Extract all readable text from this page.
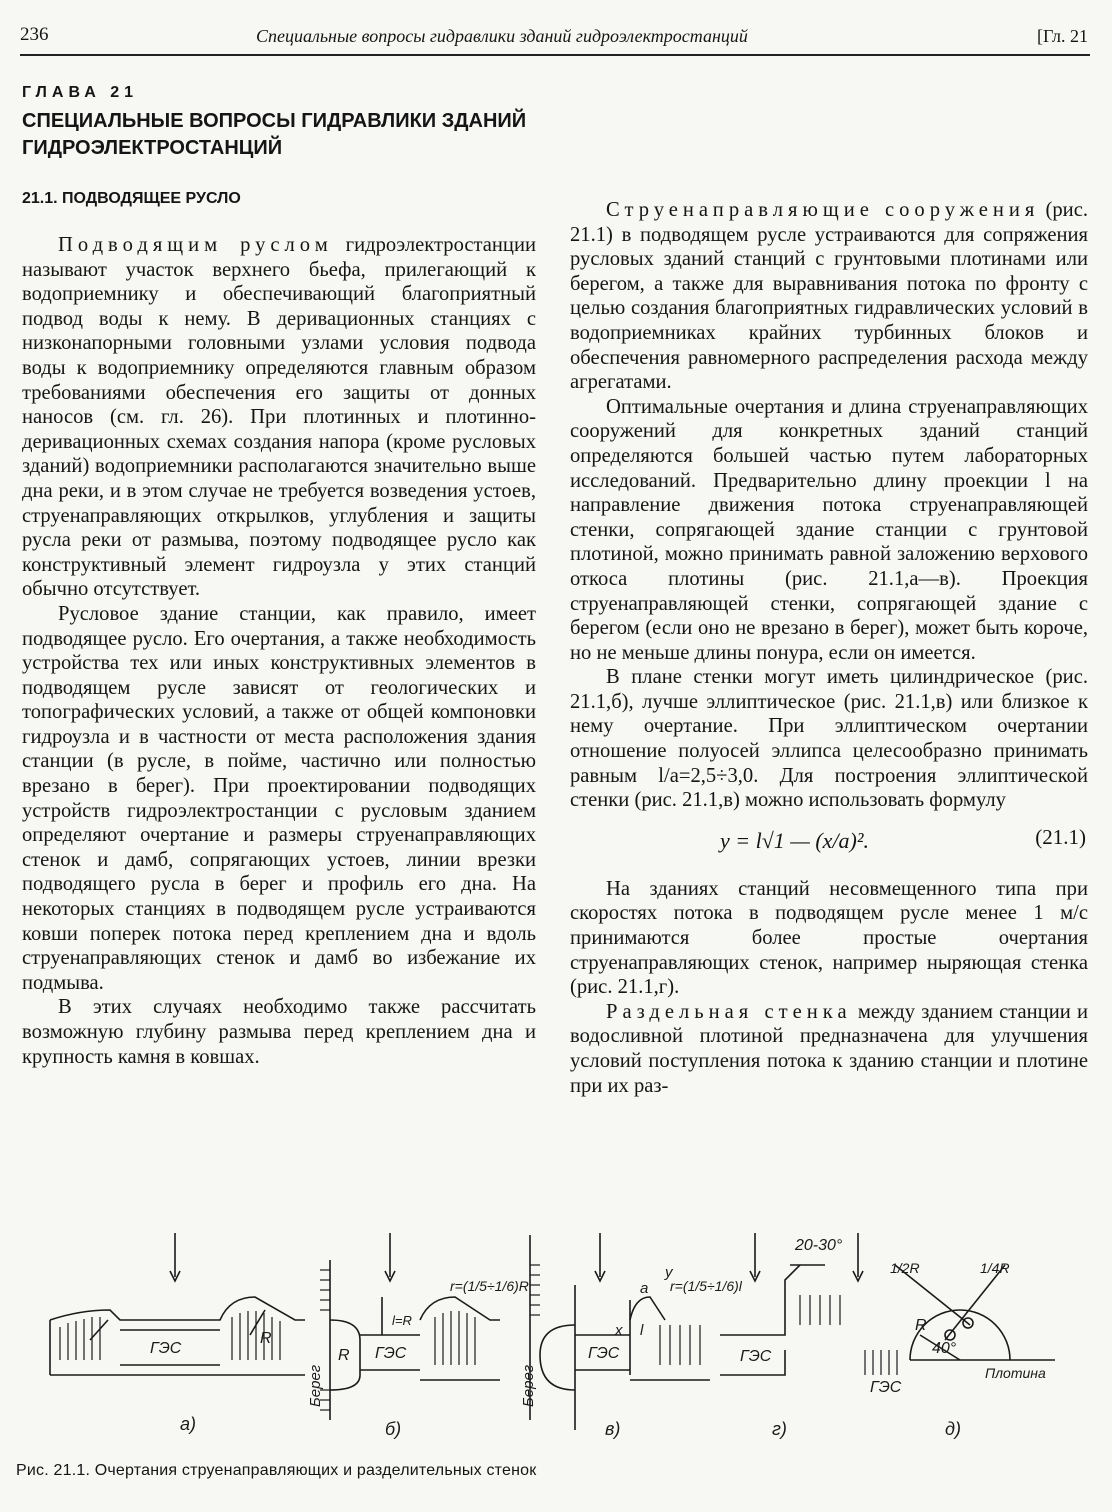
236	Специальные вопросы гидравлики зданий гидроэлектростанций	[Гл. 21
ГЛАВА 21
СПЕЦИАЛЬНЫЕ ВОПРОСЫ ГИДРАВЛИКИ ЗДАНИЙ ГИДРОЭЛЕКТРОСТАНЦИЙ
21.1. ПОДВОДЯЩЕЕ РУСЛО

Подводящим руслом гидроэлектростанции называют участок верхнего бьефа, прилегающий к водоприемнику и обеспечивающий благоприятный подвод воды к нему. В деривационных станциях с низконапорными головными узлами условия подвода воды к водоприемнику определяются главным образом требованиями обеспечения его защиты от донных наносов (см. гл. 26). При плотинных и плотинно-деривационных схемах создания напора (кроме русловых зданий) водоприемники располагаются значительно выше дна реки, и в этом случае не требуется возведения устоев, струенаправляющих открылков, углубления и защиты русла реки от размыва, поэтому подводящее русло как конструктивный элемент гидроузла у этих станций обычно отсутствует.

Русловое здание станции, как правило, имеет подводящее русло. Его очертания, а также необходимость устройства тех или иных конструктивных элементов в подводящем русле зависят от геологических и топографических условий, а также от общей компоновки гидроузла и в частности от места расположения здания станции (в русле, в пойме, частично или полностью врезано в берег). При проектировании подводящих устройств гидроэлектростанции с русловым зданием определяют очертание и размеры струенаправляющих стенок и дамб, сопрягающих устоев, линии врезки подводящего русла в берег и профиль его дна. На некоторых станциях в подводящем русле устраиваются ковши поперек потока перед креплением дна и вдоль струенаправляющих стенок и дамб во избежание их подмыва.

В этих случаях необходимо также рассчитать возможную глубину размыва перед креплением дна и крупность камня в ковшах.

Струенаправляющие сооружения (рис. 21.1) в подводящем русле устраиваются для сопряжения русловых зданий станций с грунтовыми плотинами или берегом, а также для выравнивания потока по фронту с целью создания благоприятных гидравлических условий в водоприемниках крайних турбинных блоков и обеспечения равномерного распределения расхода между агрегатами.

Оптимальные очертания и длина струенаправляющих сооружений для конкретных зданий станций определяются большей частью путем лабораторных исследований. Предварительно длину проекции l на направление движения потока струенаправляющей стенки, сопрягающей здание станции с грунтовой плотиной, можно принимать равной заложению верхового откоса плотины (рис. 21.1,а—в). Проекция струенаправляющей стенки, сопрягающей здание с берегом (если оно не врезано в берег), может быть короче, но не меньше длины понура, если он имеется.

В плане стенки могут иметь цилиндрическое (рис. 21.1,б), лучше эллиптическое (рис. 21.1,в) или близкое к нему очертание. При эллиптическом очертании отношение полуосей эллипса целесообразно принимать равным l/a=2,5÷3,0. Для построения эллиптической стенки (рис. 21.1,в) можно использовать формулу

y = l√1 — (x/a)².	(21.1)

На зданиях станций несовмещенного типа при скоростях потока в подводящем русле менее 1 м/с принимаются более простые очертания струенаправляющих стенок, например ныряющая стенка (рис. 21.1,г).

Раздельная стенка между зданием станции и водосливной плотиной предназначена для улучшения условий поступления потока к зданию станции и плотине при их раз-

ГЭС
R
ГЭС
R
r=(1/5÷1/6)R
l=R
ГЭС
r=(1/5÷1/6)l
a
y
x l
ГЭС
20-30°
ГЭС
40°
Плотина
R
1/2R	1/4R
а)	б)	в)	г)	д)
Берег	Берег
Рис. 21.1. Очертания струенаправляющих и разделительных стенок
